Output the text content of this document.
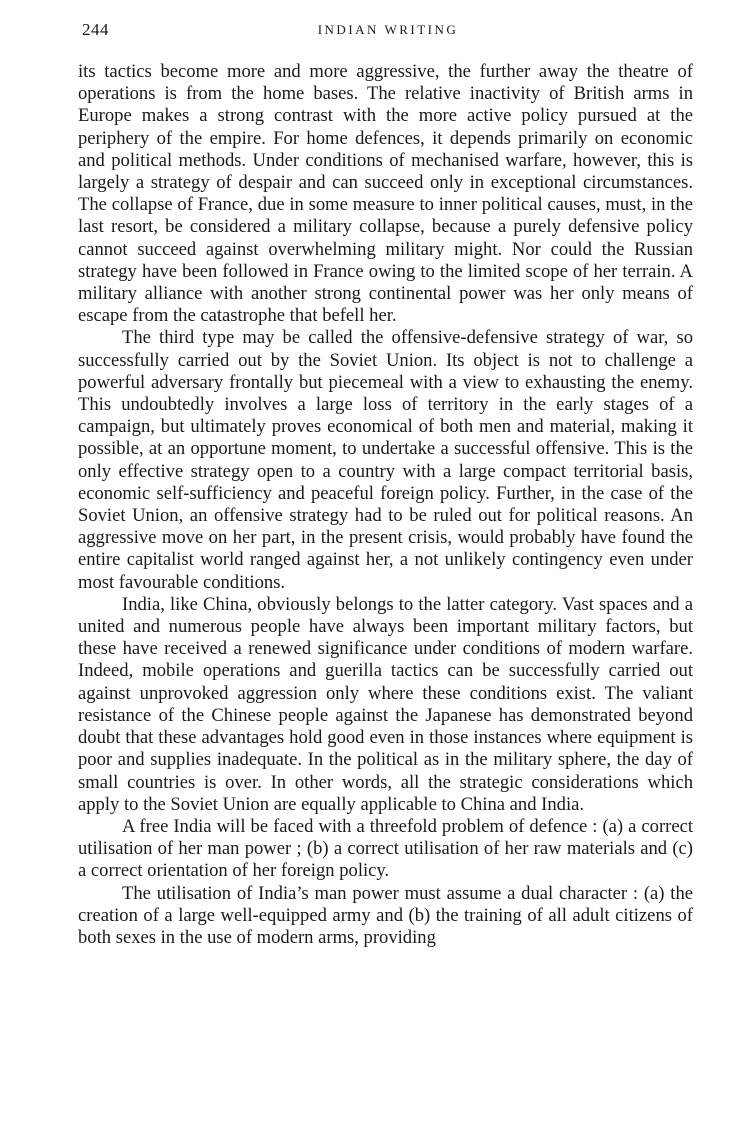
244	INDIAN WRITING

its tactics become more and more aggressive, the further away the theatre of operations is from the home bases. The relative inactivity of British arms in Europe makes a strong contrast with the more active policy pursued at the periphery of the empire. For home defences, it depends primarily on economic and political methods. Under conditions of mechanised warfare, however, this is largely a strategy of despair and can succeed only in exceptional circumstances. The collapse of France, due in some measure to inner political causes, must, in the last resort, be considered a military collapse, because a purely defensive policy cannot succeed against overwhelming military might. Nor could the Russian strategy have been followed in France owing to the limited scope of her terrain. A military alliance with another strong continental power was her only means of escape from the catastrophe that befell her.

The third type may be called the offensive-defensive strategy of war, so successfully carried out by the Soviet Union. Its object is not to challenge a powerful adversary frontally but piecemeal with a view to exhausting the enemy. This undoubtedly involves a large loss of territory in the early stages of a campaign, but ultimately proves economical of both men and material, making it possible, at an opportune moment, to undertake a successful offensive. This is the only effective strategy open to a country with a large compact territorial basis, economic self-sufficiency and peaceful foreign policy. Further, in the case of the Soviet Union, an offensive strategy had to be ruled out for political reasons. An aggressive move on her part, in the present crisis, would probably have found the entire capitalist world ranged against her, a not unlikely contingency even under most favourable conditions.

India, like China, obviously belongs to the latter category. Vast spaces and a united and numerous people have always been important military factors, but these have received a renewed significance under conditions of modern warfare. Indeed, mobile operations and guerilla tactics can be successfully carried out against unprovoked aggression only where these conditions exist. The valiant resistance of the Chinese people against the Japanese has demonstrated beyond doubt that these advantages hold good even in those instances where equipment is poor and supplies inadequate. In the political as in the military sphere, the day of small countries is over. In other words, all the strategic considerations which apply to the Soviet Union are equally applicable to China and India.

A free India will be faced with a threefold problem of defence : (a) a correct utilisation of her man power ; (b) a correct utilisation of her raw materials and (c) a correct orientation of her foreign policy.

The utilisation of India’s man power must assume a dual character : (a) the creation of a large well-equipped army and (b) the training of all adult citizens of both sexes in the use of modern arms, providing
